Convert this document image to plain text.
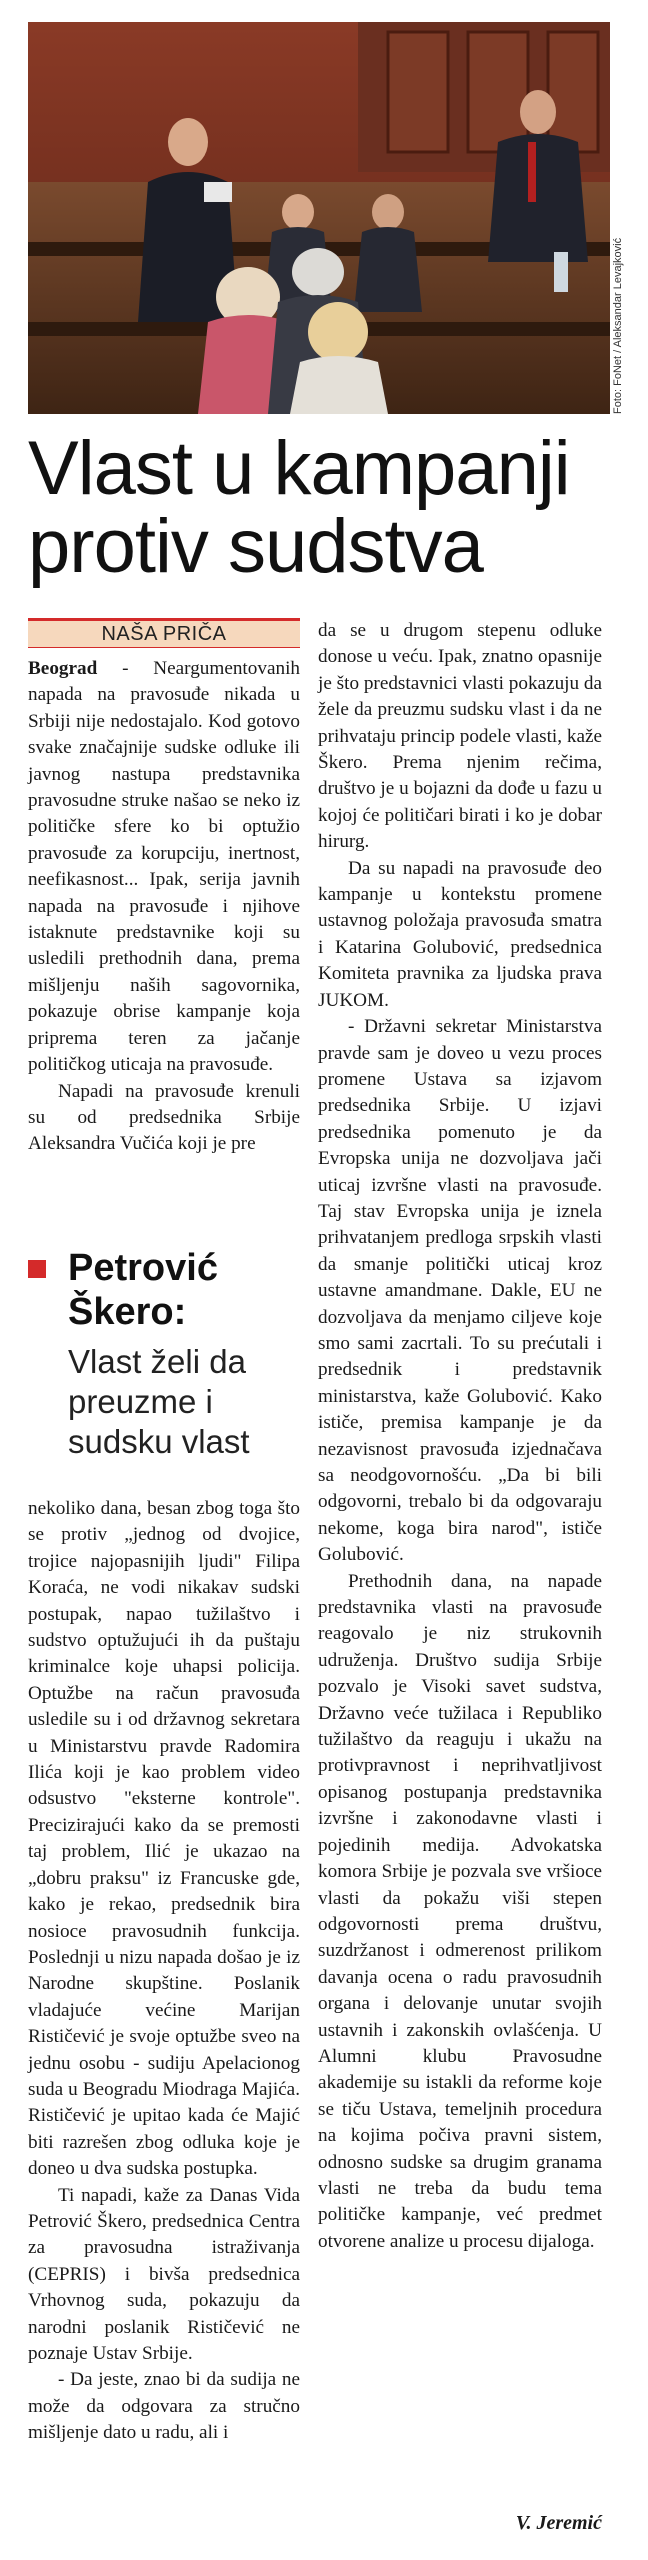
Foto: FoNet / Aleksandar Levajković
Vlast u kampanji
protiv sudstva
NAŠA PRIČA

Beograd - Neargumentovanih napada na pravosuđe nikada u Srbiji nije nedostajalo. Kod gotovo svake značajnije sudske odluke ili javnog nastupa predstavnika pravosudne struke našao se neko iz političke sfere ko bi optužio pravosuđe za korupciju, inertnost, neefikasnost... Ipak, serija javnih napada na pravosuđe i njihove istaknute predstavnike koji su usledili prethodnih dana, prema mišljenju naših sagovornika, pokazuje obrise kampanje koja priprema teren za jačanje političkog uticaja na pravosuđe.

Napadi na pravosuđe krenuli su od predsednika Srbije Aleksandra Vučića koji je pre

Petrović
Škero:

Vlast želi da preuzme i sudsku vlast

nekoliko dana, besan zbog toga što se protiv „jednog od dvojice, trojice najopasnijih ljudi" Filipa Koraća, ne vodi nikakav sudski postupak, napao tužilaštvo i sudstvo optužujući ih da puštaju kriminalce koje uhapsi policija. Optužbe na račun pravosuđa usledile su i od državnog sekretara u Ministarstvu pravde Radomira Ilića koji je kao problem video odsustvo "eksterne kontrole". Precizirajući kako da se premosti taj problem, Ilić je ukazao na „dobru praksu" iz Francuske gde, kako je rekao, predsednik bira nosioce pravosudnih funkcija. Poslednji u nizu napada došao je iz Narodne skupštine. Poslanik vladajuće većine Marijan Rističević je svoje optužbe sveo na jednu osobu - sudiju Apelacionog suda u Beogradu Miodraga Majića. Rističević je upitao kada će Majić biti razrešen zbog odluka koje je doneo u dva sudska postupka.

Ti napadi, kaže za Danas Vida Petrović Škero, predsednica Centra za pravosudna istraživanja (CEPRIS) i bivša predsednica Vrhovnog suda, pokazuju da narodni poslanik Rističević ne poznaje Ustav Srbije.

- Da jeste, znao bi da sudija ne može da odgovara za stručno mišljenje dato u radu, ali i

da se u drugom stepenu odluke donose u veću. Ipak, znatno opasnije je što predstavnici vlasti pokazuju da žele da preuzmu sudsku vlast i da ne prihvataju princip podele vlasti, kaže Škero. Prema njenim rečima, društvo je u bojazni da dođe u fazu u kojoj će političari birati i ko je dobar hirurg.

Da su napadi na pravosuđe deo kampanje u kontekstu promene ustavnog položaja pravosuđa smatra i Katarina Golubović, predsednica Komiteta pravnika za ljudska prava JUKOM.

- Državni sekretar Ministarstva pravde sam je doveo u vezu proces promene Ustava sa izjavom predsednika Srbije. U izjavi predsednika pomenuto je da Evropska unija ne dozvoljava jači uticaj izvršne vlasti na pravosuđe. Taj stav Evropska unija je iznela prihvatanjem predloga srpskih vlasti da smanje politički uticaj kroz ustavne amandmane. Dakle, EU ne dozvoljava da menjamo ciljeve koje smo sami zacrtali. To su prećutali i predsednik i predstavnik ministarstva, kaže Golubović. Kako ističe, premisa kampanje je da nezavisnost pravosuđa izjednačava sa neodgovornošću. „Da bi bili odgovorni, trebalo bi da odgovaraju nekome, koga bira narod", ističe Golubović.

Prethodnih dana, na napade predstavnika vlasti na pravosuđe reagovalo je niz strukovnih udruženja. Društvo sudija Srbije pozvalo je Visoki savet sudstva, Državno veće tužilaca i Republiko tužilaštvo da reaguju i ukažu na protivpravnost i neprihvatljivost opisanog postupanja predstavnika izvršne i zakonodavne vlasti i pojedinih medija. Advokatska komora Srbije je pozvala sve vršioce vlasti da pokažu viši stepen odgovornosti prema društvu, suzdržanost i odmerenost prilikom davanja ocena o radu pravosudnih organa i delovanje unutar svojih ustavnih i zakonskih ovlašćenja. U Alumni klubu Pravosudne akademije su istakli da reforme koje se tiču Ustava, temeljnih procedura na kojima počiva pravni sistem, odnosno sudske sa drugim granama vlasti ne treba da budu tema političke kampanje, već predmet otvorene analize u procesu dijaloga.

V. Jeremić
